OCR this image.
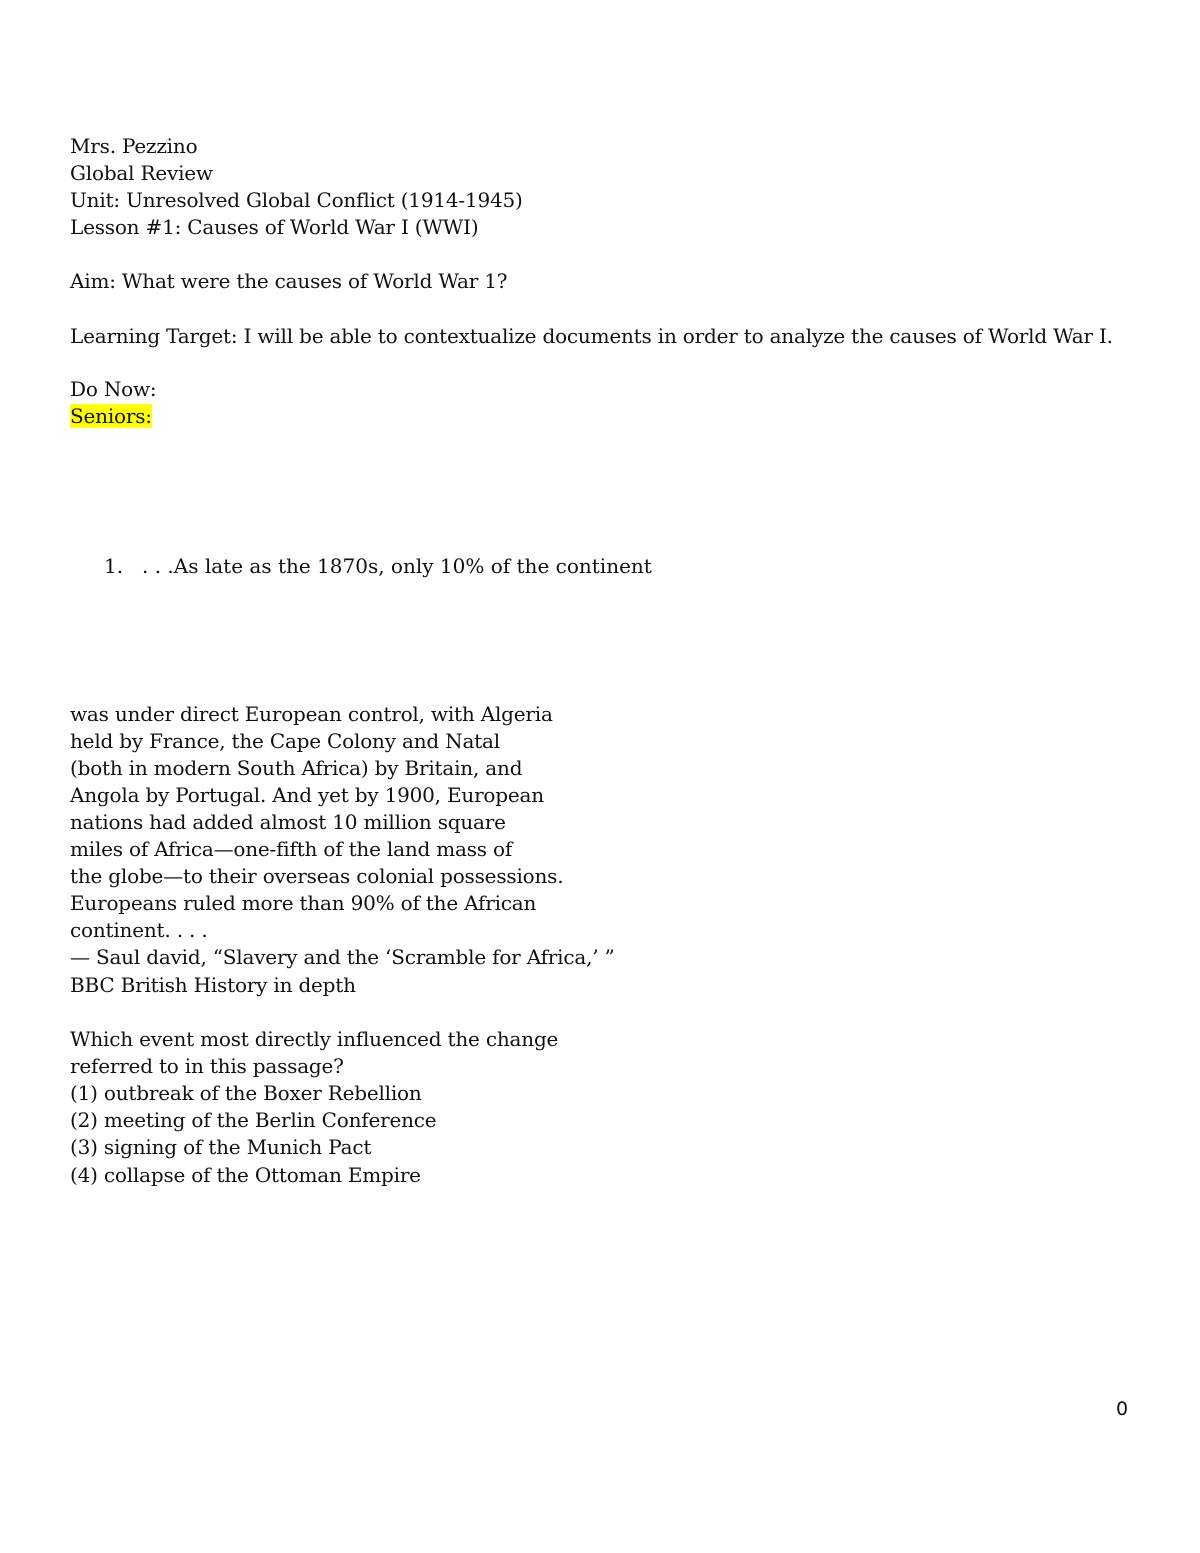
Mrs. Pezzino
Global Review
Unit: Unresolved Global Conflict (1914-1945)
Lesson #1: Causes of World War I (WWI)
Aim: What were the causes of World War 1?
Learning Target: I will be able to contextualize documents in order to analyze the causes of World War I.
Do Now:
Seniors:
1. . . .As late as the 1870s, only 10% of the continent
was under direct European control, with Algeria
held by France, the Cape Colony and Natal
(both in modern South Africa) by Britain, and
Angola by Portugal. And yet by 1900, European
nations had added almost 10 million square
miles of Africa—one-fifth of the land mass of
the globe—to their overseas colonial possessions.
Europeans ruled more than 90% of the African
continent. . . .
— Saul david, “Slavery and the ‘Scramble for Africa,’ ”
BBC British History in depth
Which event most directly influenced the change
referred to in this passage?
(1) outbreak of the Boxer Rebellion
(2) meeting of the Berlin Conference
(3) signing of the Munich Pact
(4) collapse of the Ottoman Empire
0
